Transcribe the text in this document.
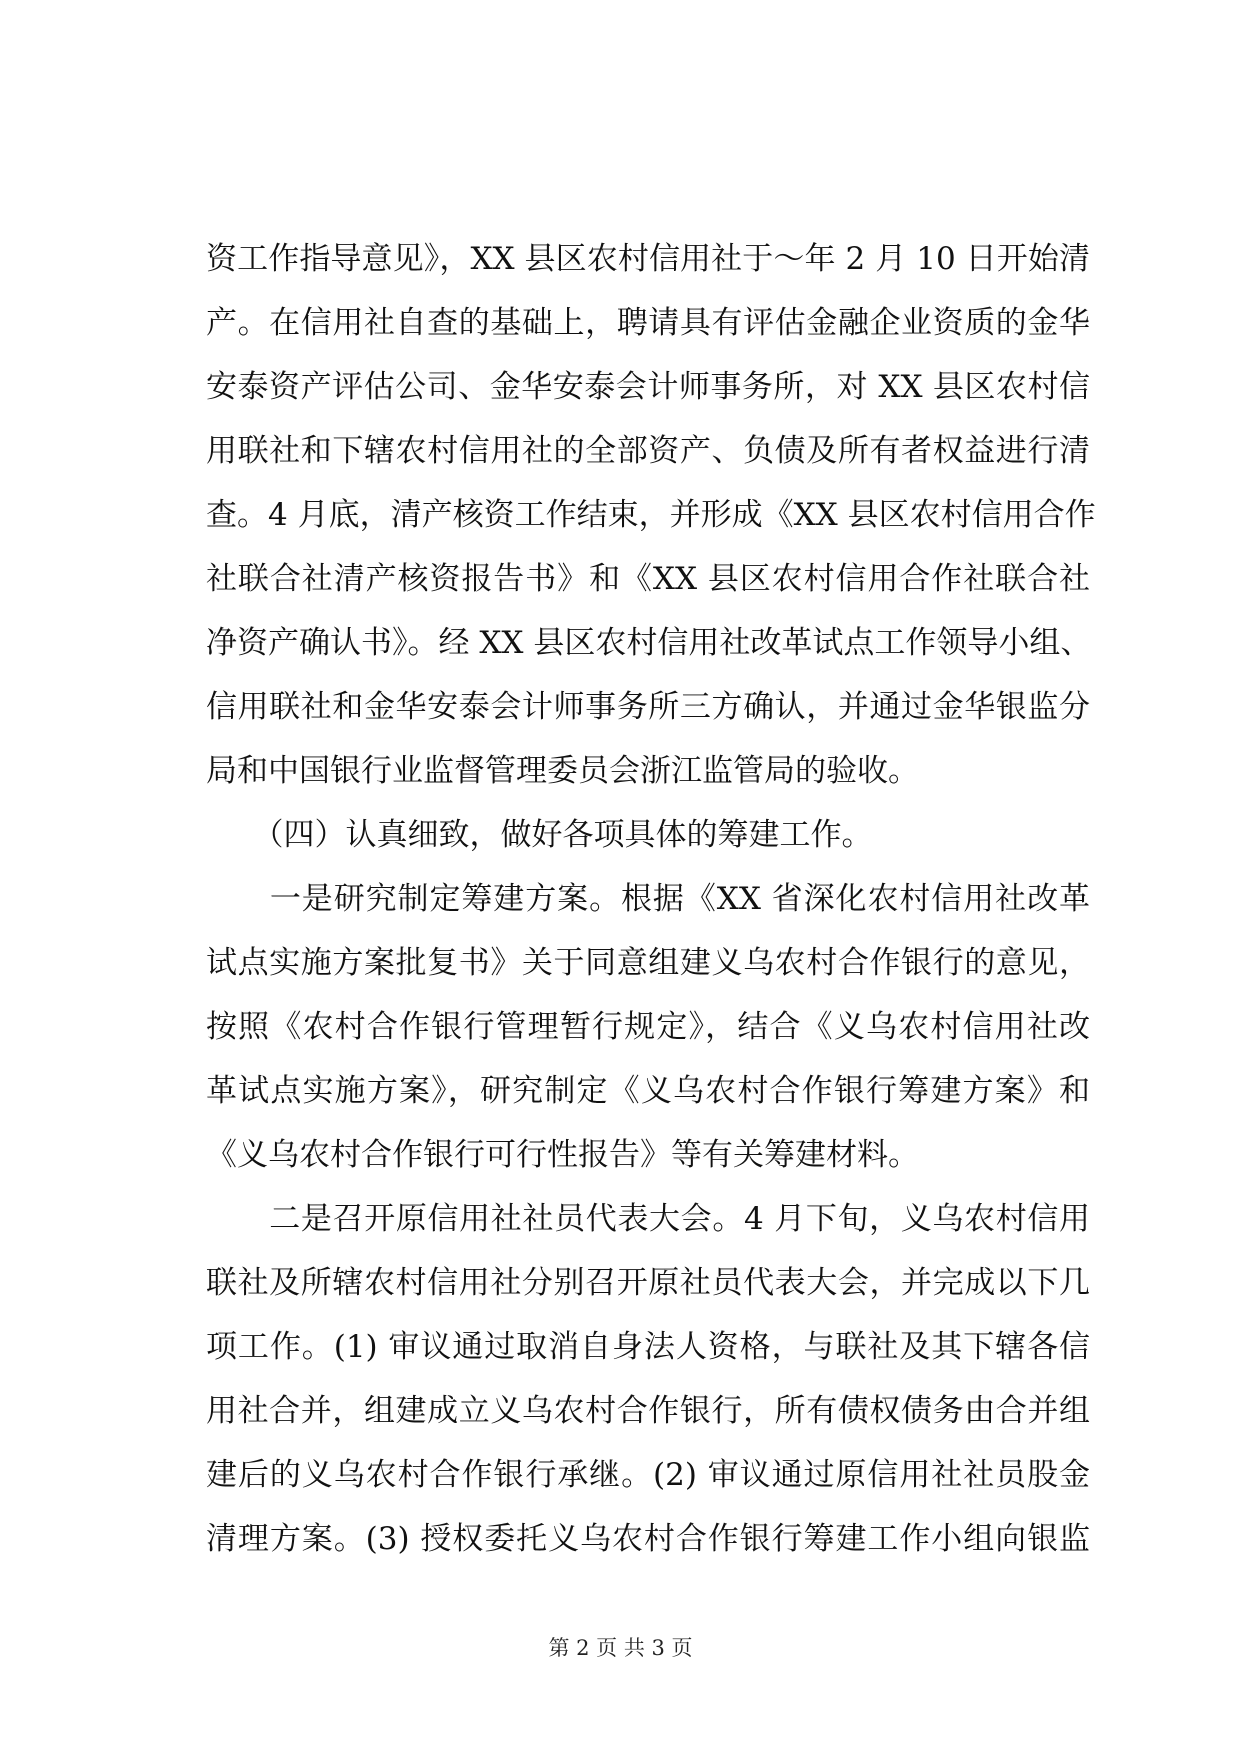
资工作指导意见》，XX 县区农村信用社于～年 2 月 10 日开始清
产。在信用社自查的基础上，聘请具有评估金融企业资质的金华
安泰资产评估公司、金华安泰会计师事务所，对 XX 县区农村信
用联社和下辖农村信用社的全部资产、负债及所有者权益进行清
查。4 月底，清产核资工作结束，并形成《XX 县区农村信用合作
社联合社清产核资报告书》和《XX 县区农村信用合作社联合社
净资产确认书》。经 XX 县区农村信用社改革试点工作领导小组、
信用联社和金华安泰会计师事务所三方确认，并通过金华银监分
局和中国银行业监督管理委员会浙江监管局的验收。
　　（四）认真细致，做好各项具体的筹建工作。
　　一是研究制定筹建方案。根据《XX 省深化农村信用社改革
试点实施方案批复书》关于同意组建义乌农村合作银行的意见，
按照《农村合作银行管理暂行规定》，结合《义乌农村信用社改
革试点实施方案》，研究制定《义乌农村合作银行筹建方案》和
《义乌农村合作银行可行性报告》等有关筹建材料。
　　二是召开原信用社社员代表大会。4 月下旬，义乌农村信用
联社及所辖农村信用社分别召开原社员代表大会，并完成以下几
项工作。(1) 审议通过取消自身法人资格，与联社及其下辖各信
用社合并，组建成立义乌农村合作银行，所有债权债务由合并组
建后的义乌农村合作银行承继。(2) 审议通过原信用社社员股金
清理方案。(3) 授权委托义乌农村合作银行筹建工作小组向银监
第 2 页 共 3 页
